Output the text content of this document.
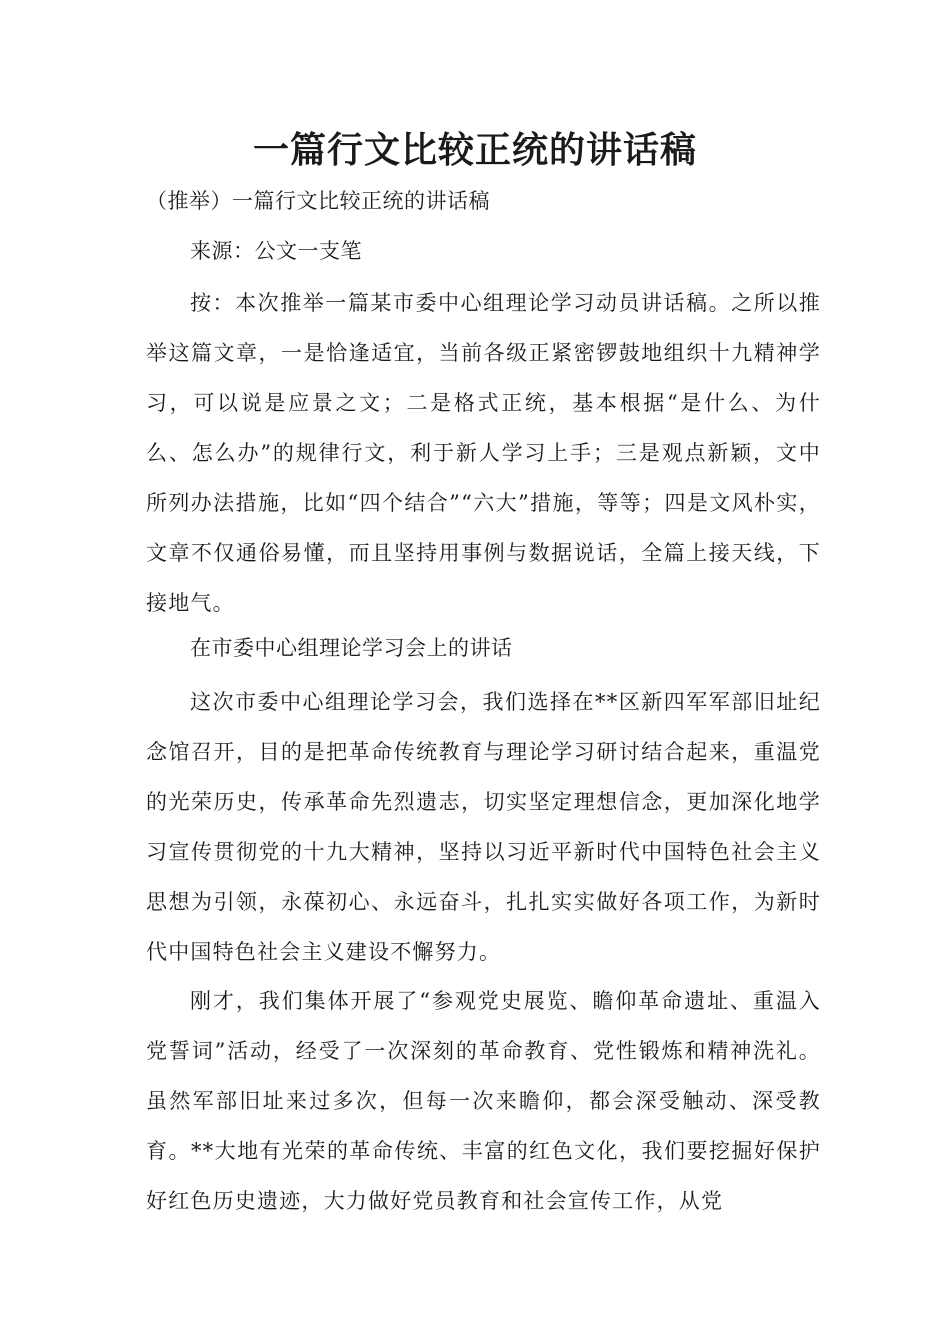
一篇行文比较正统的讲话稿
（推举）一篇行文比较正统的讲话稿
来源：公文一支笔

按：本次推举一篇某市委中心组理论学习动员讲话稿。之所以推举这篇文章，一是恰逢适宜，当前各级正紧密锣鼓地组织十九精神学习，可以说是应景之文；二是格式正统，基本根据“是什么、为什么、怎么办”的规律行文，利于新人学习上手；三是观点新颖，文中所列办法措施，比如“四个结合”“六大”措施，等等；四是文风朴实，文章不仅通俗易懂，而且坚持用事例与数据说话，全篇上接天线，下接地气。

在市委中心组理论学习会上的讲话

这次市委中心组理论学习会，我们选择在**区新四军军部旧址纪念馆召开，目的是把革命传统教育与理论学习研讨结合起来，重温党的光荣历史，传承革命先烈遗志，切实坚定理想信念，更加深化地学习宣传贯彻党的十九大精神，坚持以习近平新时代中国特色社会主义思想为引领，永葆初心、永远奋斗，扎扎实实做好各项工作，为新时代中国特色社会主义建设不懈努力。

刚才，我们集体开展了“参观党史展览、瞻仰革命遗址、重温入党誓词”活动，经受了一次深刻的革命教育、党性锻炼和精神洗礼。虽然军部旧址来过多次，但每一次来瞻仰，都会深受触动、深受教育。**大地有光荣的革命传统、丰富的红色文化，我们要挖掘好保护好红色历史遗迹，大力做好党员教育和社会宣传工作，从党
